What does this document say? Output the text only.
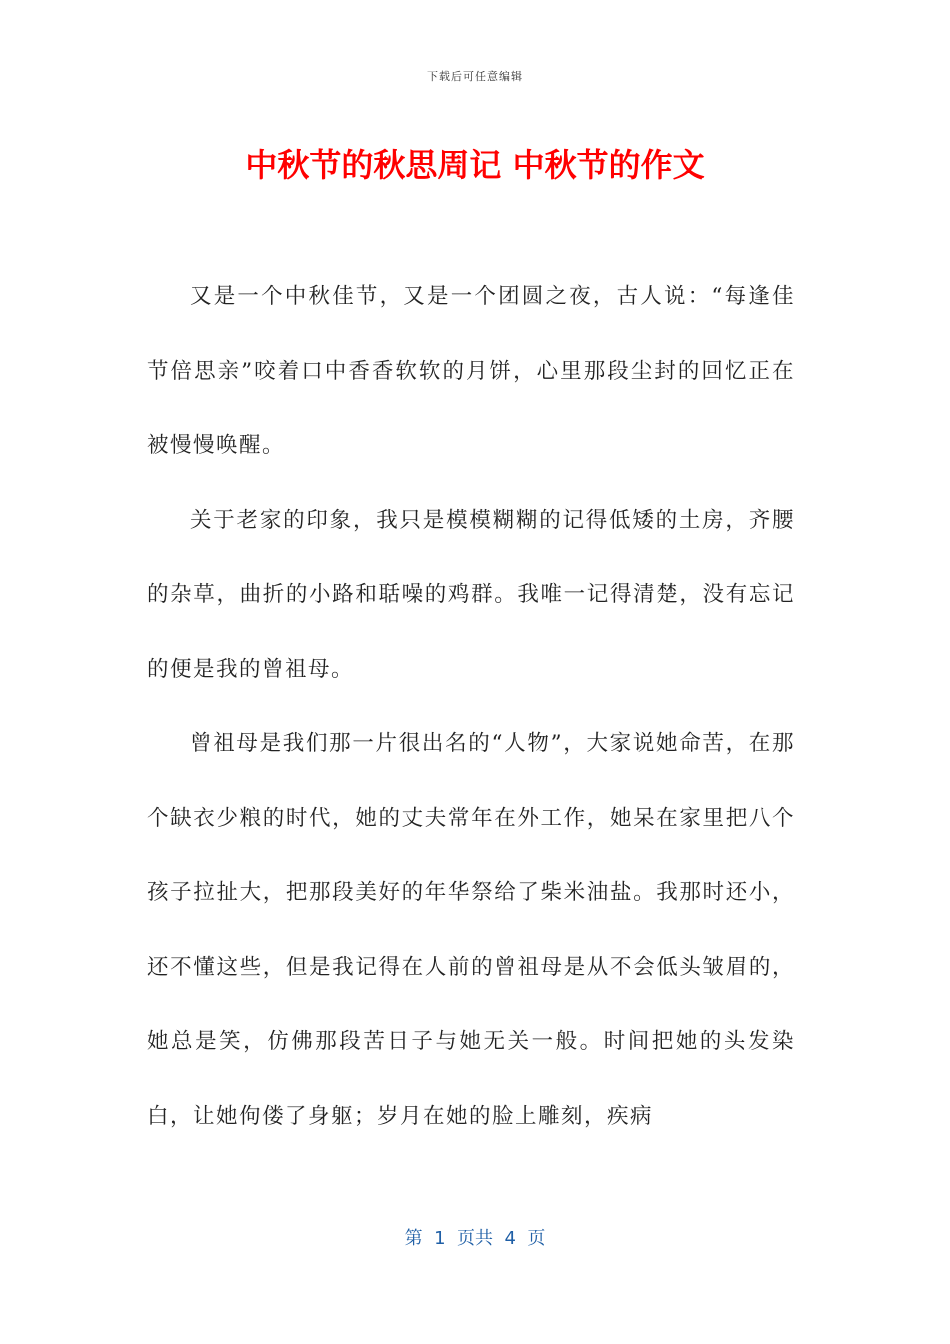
下载后可任意编辑
中秋节的秋思周记 中秋节的作文

又是一个中秋佳节，又是一个团圆之夜，古人说：“每逢佳节倍思亲”咬着口中香香软软的月饼，心里那段尘封的回忆正在被慢慢唤醒。

关于老家的印象，我只是模模糊糊的记得低矮的土房，齐腰的杂草，曲折的小路和聒噪的鸡群。我唯一记得清楚，没有忘记的便是我的曾祖母。

曾祖母是我们那一片很出名的“人物”，大家说她命苦，在那个缺衣少粮的时代，她的丈夫常年在外工作，她呆在家里把八个孩子拉扯大，把那段美好的年华祭给了柴米油盐。我那时还小，还不懂这些，但是我记得在人前的曾祖母是从不会低头皱眉的，她总是笑，仿佛那段苦日子与她无关一般。时间把她的头发染白，让她佝偻了身躯；岁月在她的脸上雕刻，疾病

第  1  页共  4  页
